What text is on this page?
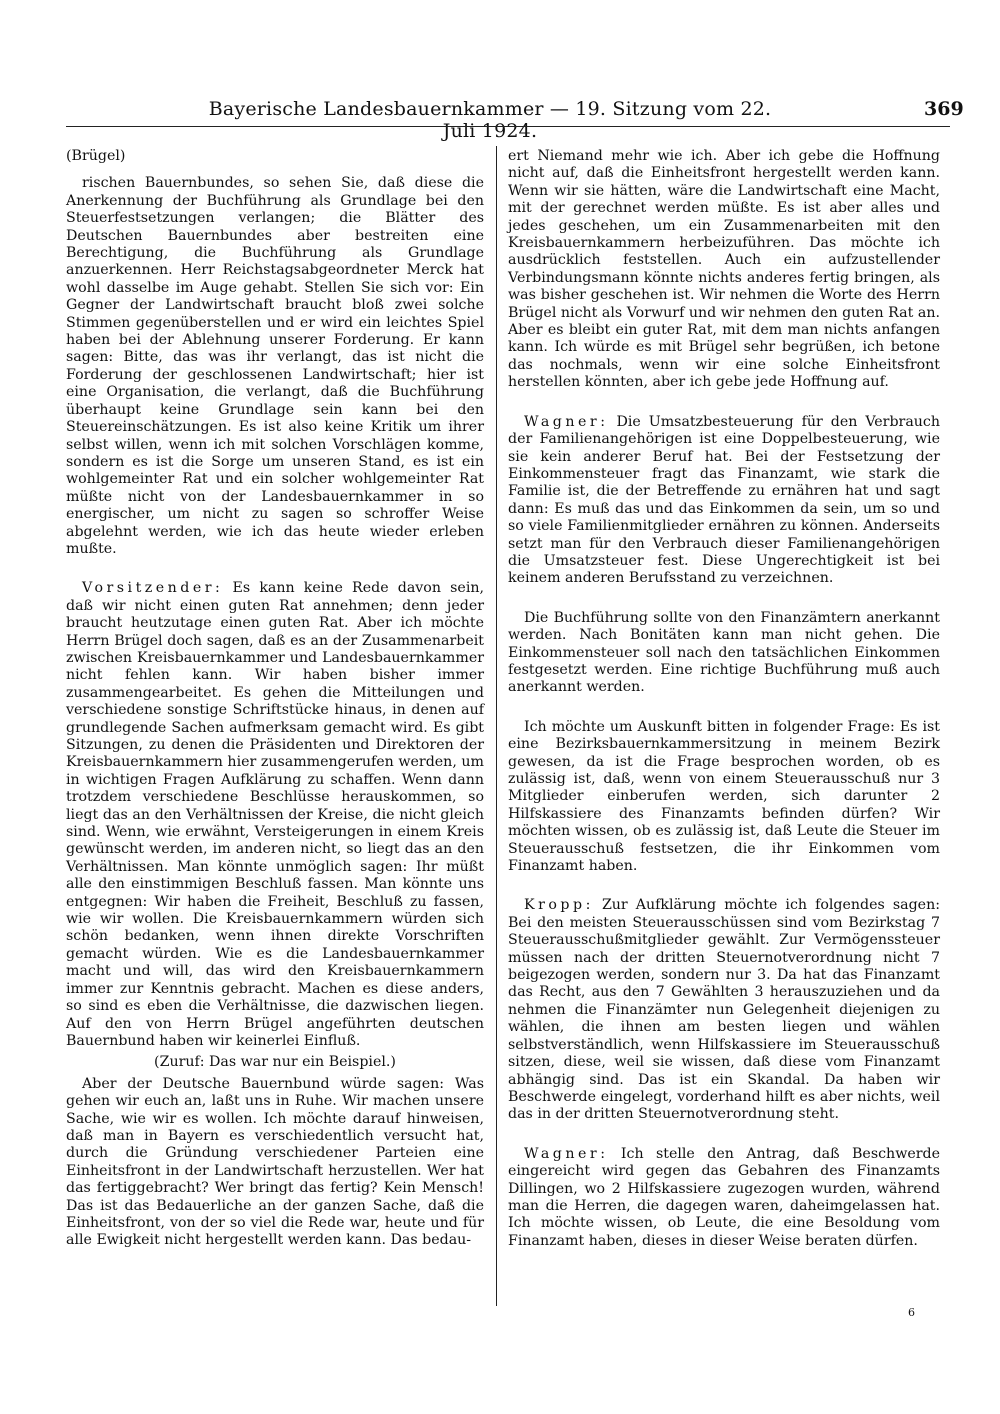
Bayerische Landesbauernkammer — 19. Sitzung vom 22. Juli 1924.
369
(Brügel)

rischen Bauernbundes, so sehen Sie, daß diese die Anerkennung der Buchführung als Grundlage bei den Steuerfestsetzungen verlangen; die Blätter des Deutschen Bauernbundes aber bestreiten eine Berechtigung, die Buchführung als Grundlage anzuerkennen. Herr Reichstagsabgeordneter Merck hat wohl dasselbe im Auge gehabt. Stellen Sie sich vor: Ein Gegner der Landwirtschaft braucht bloß zwei solche Stimmen gegenüberstellen und er wird ein leichtes Spiel haben bei der Ablehnung unserer Forderung. Er kann sagen: Bitte, das was ihr verlangt, das ist nicht die Forderung der geschlossenen Landwirtschaft; hier ist eine Organisation, die verlangt, daß die Buchführung überhaupt keine Grundlage sein kann bei den Steuereinschätzungen. Es ist also keine Kritik um ihrer selbst willen, wenn ich mit solchen Vorschlägen komme, sondern es ist die Sorge um unseren Stand, es ist ein wohlgemeinter Rat und ein solcher wohlgemeinter Rat müßte nicht von der Landesbauernkammer in so energischer, um nicht zu sagen so schroffer Weise abgelehnt werden, wie ich das heute wieder erleben mußte.

Vorsitzender: Es kann keine Rede davon sein, daß wir nicht einen guten Rat annehmen; denn jeder braucht heutzutage einen guten Rat. Aber ich möchte Herrn Brügel doch sagen, daß es an der Zusammenarbeit zwischen Kreisbauernkammer und Landesbauernkammer nicht fehlen kann. Wir haben bisher immer zusammengearbeitet. Es gehen die Mitteilungen und verschiedene sonstige Schriftstücke hinaus, in denen auf grundlegende Sachen aufmerksam gemacht wird. Es gibt Sitzungen, zu denen die Präsidenten und Direktoren der Kreisbauernkammern hier zusammengerufen werden, um in wichtigen Fragen Aufklärung zu schaffen. Wenn dann trotzdem verschiedene Beschlüsse herauskommen, so liegt das an den Verhältnissen der Kreise, die nicht gleich sind. Wenn, wie erwähnt, Versteigerungen in einem Kreis gewünscht werden, im anderen nicht, so liegt das an den Verhältnissen. Man könnte unmöglich sagen: Ihr müßt alle den einstimmigen Beschluß fassen. Man könnte uns entgegnen: Wir haben die Freiheit, Beschluß zu fassen, wie wir wollen. Die Kreisbauernkammern würden sich schön bedanken, wenn ihnen direkte Vorschriften gemacht würden. Wie es die Landesbauernkammer macht und will, das wird den Kreisbauernkammern immer zur Kenntnis gebracht. Machen es diese anders, so sind es eben die Verhältnisse, die dazwischen liegen. Auf den von Herrn Brügel angeführten deutschen Bauernbund haben wir keinerlei Einfluß.

(Zuruf: Das war nur ein Beispiel.)

Aber der Deutsche Bauernbund würde sagen: Was gehen wir euch an, laßt uns in Ruhe. Wir machen unsere Sache, wie wir es wollen. Ich möchte darauf hinweisen, daß man in Bayern es verschiedentlich versucht hat, durch die Gründung verschiedener Parteien eine Einheitsfront in der Landwirtschaft herzustellen. Wer hat das fertiggebracht? Wer bringt das fertig? Kein Mensch! Das ist das Bedauerliche an der ganzen Sache, daß die Einheitsfront, von der so viel die Rede war, heute und für alle Ewigkeit nicht hergestellt werden kann. Das bedau-

ert Niemand mehr wie ich. Aber ich gebe die Hoffnung nicht auf, daß die Einheitsfront hergestellt werden kann. Wenn wir sie hätten, wäre die Landwirtschaft eine Macht, mit der gerechnet werden müßte. Es ist aber alles und jedes geschehen, um ein Zusammenarbeiten mit den Kreisbauernkammern herbeizuführen. Das möchte ich ausdrücklich feststellen. Auch ein aufzustellender Verbindungsmann könnte nichts anderes fertig bringen, als was bisher geschehen ist. Wir nehmen die Worte des Herrn Brügel nicht als Vorwurf und wir nehmen den guten Rat an. Aber es bleibt ein guter Rat, mit dem man nichts anfangen kann. Ich würde es mit Brügel sehr begrüßen, ich betone das nochmals, wenn wir eine solche Einheitsfront herstellen könnten, aber ich gebe jede Hoffnung auf.

Wagner: Die Umsatzbesteuerung für den Verbrauch der Familienangehörigen ist eine Doppelbesteuerung, wie sie kein anderer Beruf hat. Bei der Festsetzung der Einkommensteuer fragt das Finanzamt, wie stark die Familie ist, die der Betreffende zu ernähren hat und sagt dann: Es muß das und das Einkommen da sein, um so und so viele Familienmitglieder ernähren zu können. Anderseits setzt man für den Verbrauch dieser Familienangehörigen die Umsatzsteuer fest. Diese Ungerechtigkeit ist bei keinem anderen Berufsstand zu verzeichnen.

Die Buchführung sollte von den Finanzämtern anerkannt werden. Nach Bonitäten kann man nicht gehen. Die Einkommensteuer soll nach den tatsächlichen Einkommen festgesetzt werden. Eine richtige Buchführung muß auch anerkannt werden.

Ich möchte um Auskunft bitten in folgender Frage: Es ist eine Bezirksbauernkammersitzung in meinem Bezirk gewesen, da ist die Frage besprochen worden, ob es zulässig ist, daß, wenn von einem Steuerausschuß nur 3 Mitglieder einberufen werden, sich darunter 2 Hilfskassiere des Finanzamts befinden dürfen? Wir möchten wissen, ob es zulässig ist, daß Leute die Steuer im Steuerausschuß festsetzen, die ihr Einkommen vom Finanzamt haben.

Kropp: Zur Aufklärung möchte ich folgendes sagen: Bei den meisten Steuerausschüssen sind vom Bezirkstag 7 Steuerausschußmitglieder gewählt. Zur Vermögenssteuer müssen nach der dritten Steuernotverordnung nicht 7 beigezogen werden, sondern nur 3. Da hat das Finanzamt das Recht, aus den 7 Gewählten 3 herauszuziehen und da nehmen die Finanzämter nun Gelegenheit diejenigen zu wählen, die ihnen am besten liegen und wählen selbstverständlich, wenn Hilfskassiere im Steuerausschuß sitzen, diese, weil sie wissen, daß diese vom Finanzamt abhängig sind. Das ist ein Skandal. Da haben wir Beschwerde eingelegt, vorderhand hilft es aber nichts, weil das in der dritten Steuernotverordnung steht.

Wagner: Ich stelle den Antrag, daß Beschwerde eingereicht wird gegen das Gebahren des Finanzamts Dillingen, wo 2 Hilfskassiere zugezogen wurden, während man die Herren, die dagegen waren, daheimgelassen hat. Ich möchte wissen, ob Leute, die eine Besoldung vom Finanzamt haben, dieses in dieser Weise beraten dürfen.

6
